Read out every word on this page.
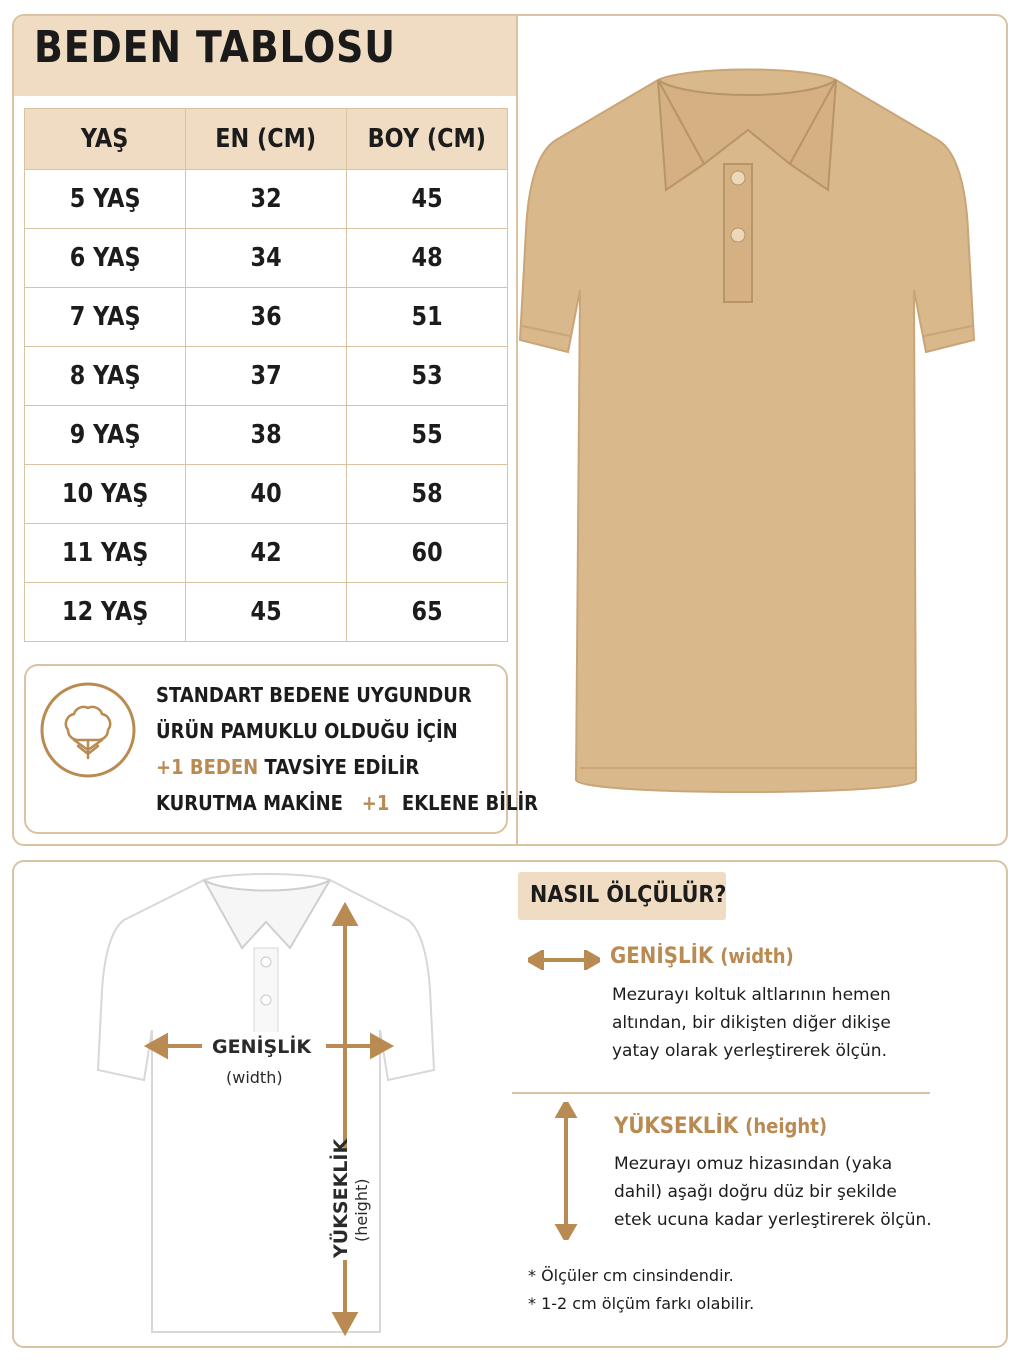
BEDEN TABLOSU
YAŞ	EN (CM)	BOY (CM)
5 YAŞ	32	45
6 YAŞ	34	48
7 YAŞ	36	51
8 YAŞ	37	53
9 YAŞ	38	55
10 YAŞ	40	58
11 YAŞ	42	60
12 YAŞ	45	65
STANDART BEDENE UYGUNDUR
ÜRÜN PAMUKLU OLDUĞU İÇİN
+1 BEDEN TAVSİYE EDİLİR
KURUTMA MAKİNE +1 EKLENE BİLİR
GENİŞLİK
(width)
YÜKSEKLİK (height)
NASIL ÖLÇÜLÜR?
GENİŞLİK (width)
Mezurayı koltuk altlarının hemen
altından, bir dikişten diğer dikişe
yatay olarak yerleştirerek ölçün.
YÜKSEKLİK (height)
Mezurayı omuz hizasından (yaka
dahil) aşağı doğru düz bir şekilde
etek ucuna kadar yerleştirerek ölçün.
* Ölçüler cm cinsindendir.
* 1-2 cm ölçüm farkı olabilir.
